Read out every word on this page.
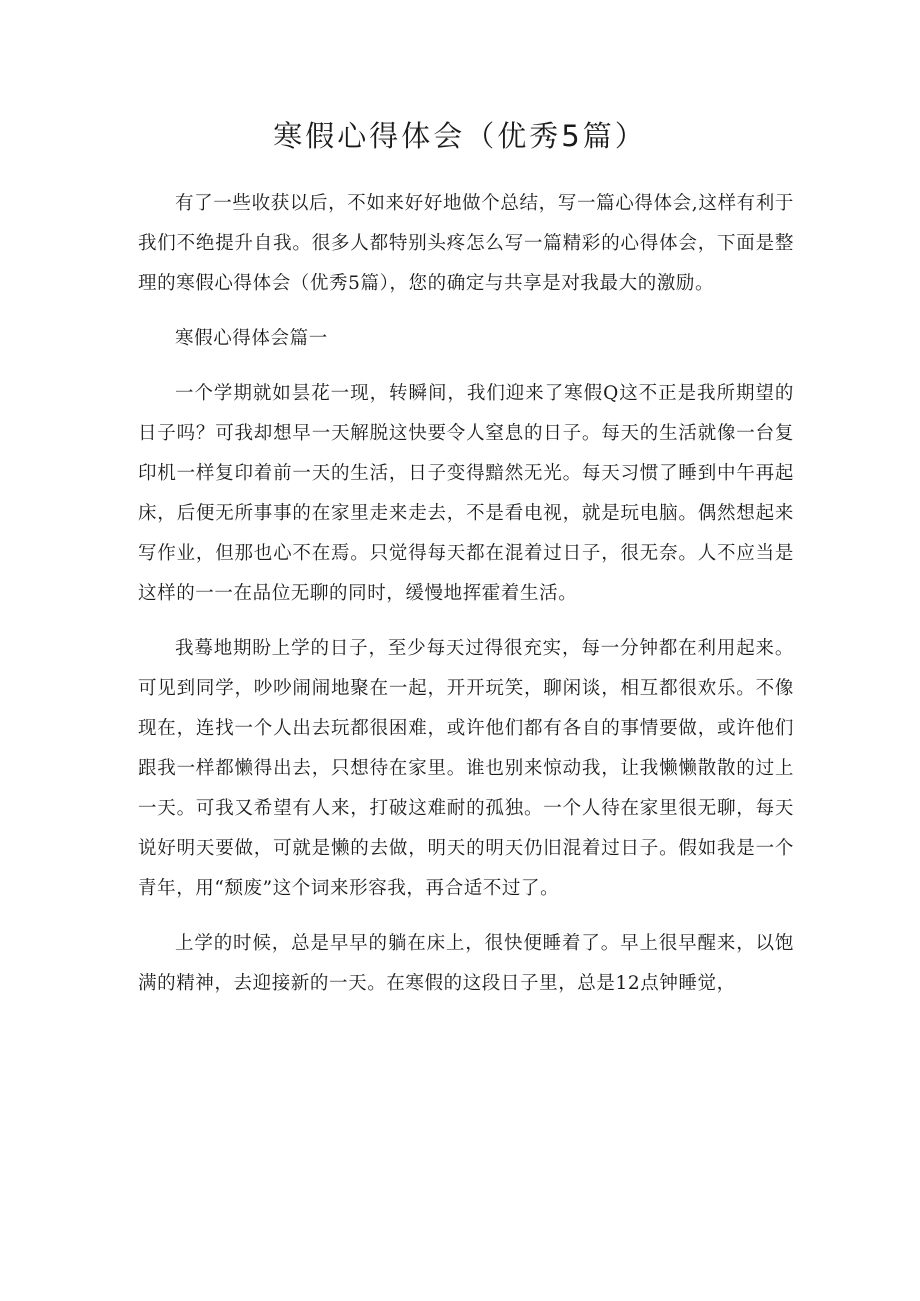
寒假心得体会（优秀5篇）

有了一些收获以后，不如来好好地做个总结，写一篇心得体会,这样有利于我们不绝提升自我。很多人都特别头疼怎么写一篇精彩的心得体会，下面是整理的寒假心得体会（优秀5篇），您的确定与共享是对我最大的激励。

寒假心得体会篇一

一个学期就如昙花一现，转瞬间，我们迎来了寒假Q这不正是我所期望的日子吗？可我却想早一天解脱这快要令人窒息的日子。每天的生活就像一台复印机一样复印着前一天的生活，日子变得黯然无光。每天习惯了睡到中午再起床，后便无所事事的在家里走来走去，不是看电视，就是玩电脑。偶然想起来写作业，但那也心不在焉。只觉得每天都在混着过日子，很无奈。人不应当是这样的一一在品位无聊的同时，缓慢地挥霍着生活。

我蓦地期盼上学的日子，至少每天过得很充实，每一分钟都在利用起来。可见到同学，吵吵闹闹地聚在一起，开开玩笑，聊闲谈，相互都很欢乐。不像现在，连找一个人出去玩都很困难，或许他们都有各自的事情要做，或许他们跟我一样都懒得出去，只想待在家里。谁也别来惊动我，让我懒懒散散的过上一天。可我又希望有人来，打破这难耐的孤独。一个人待在家里很无聊，每天说好明天要做，可就是懒的去做，明天的明天仍旧混着过日子。假如我是一个青年，用“颓废”这个词来形容我，再合适不过了。

上学的时候，总是早早的躺在床上，很快便睡着了。早上很早醒来，以饱满的精神，去迎接新的一天。在寒假的这段日子里，总是12点钟睡觉，
